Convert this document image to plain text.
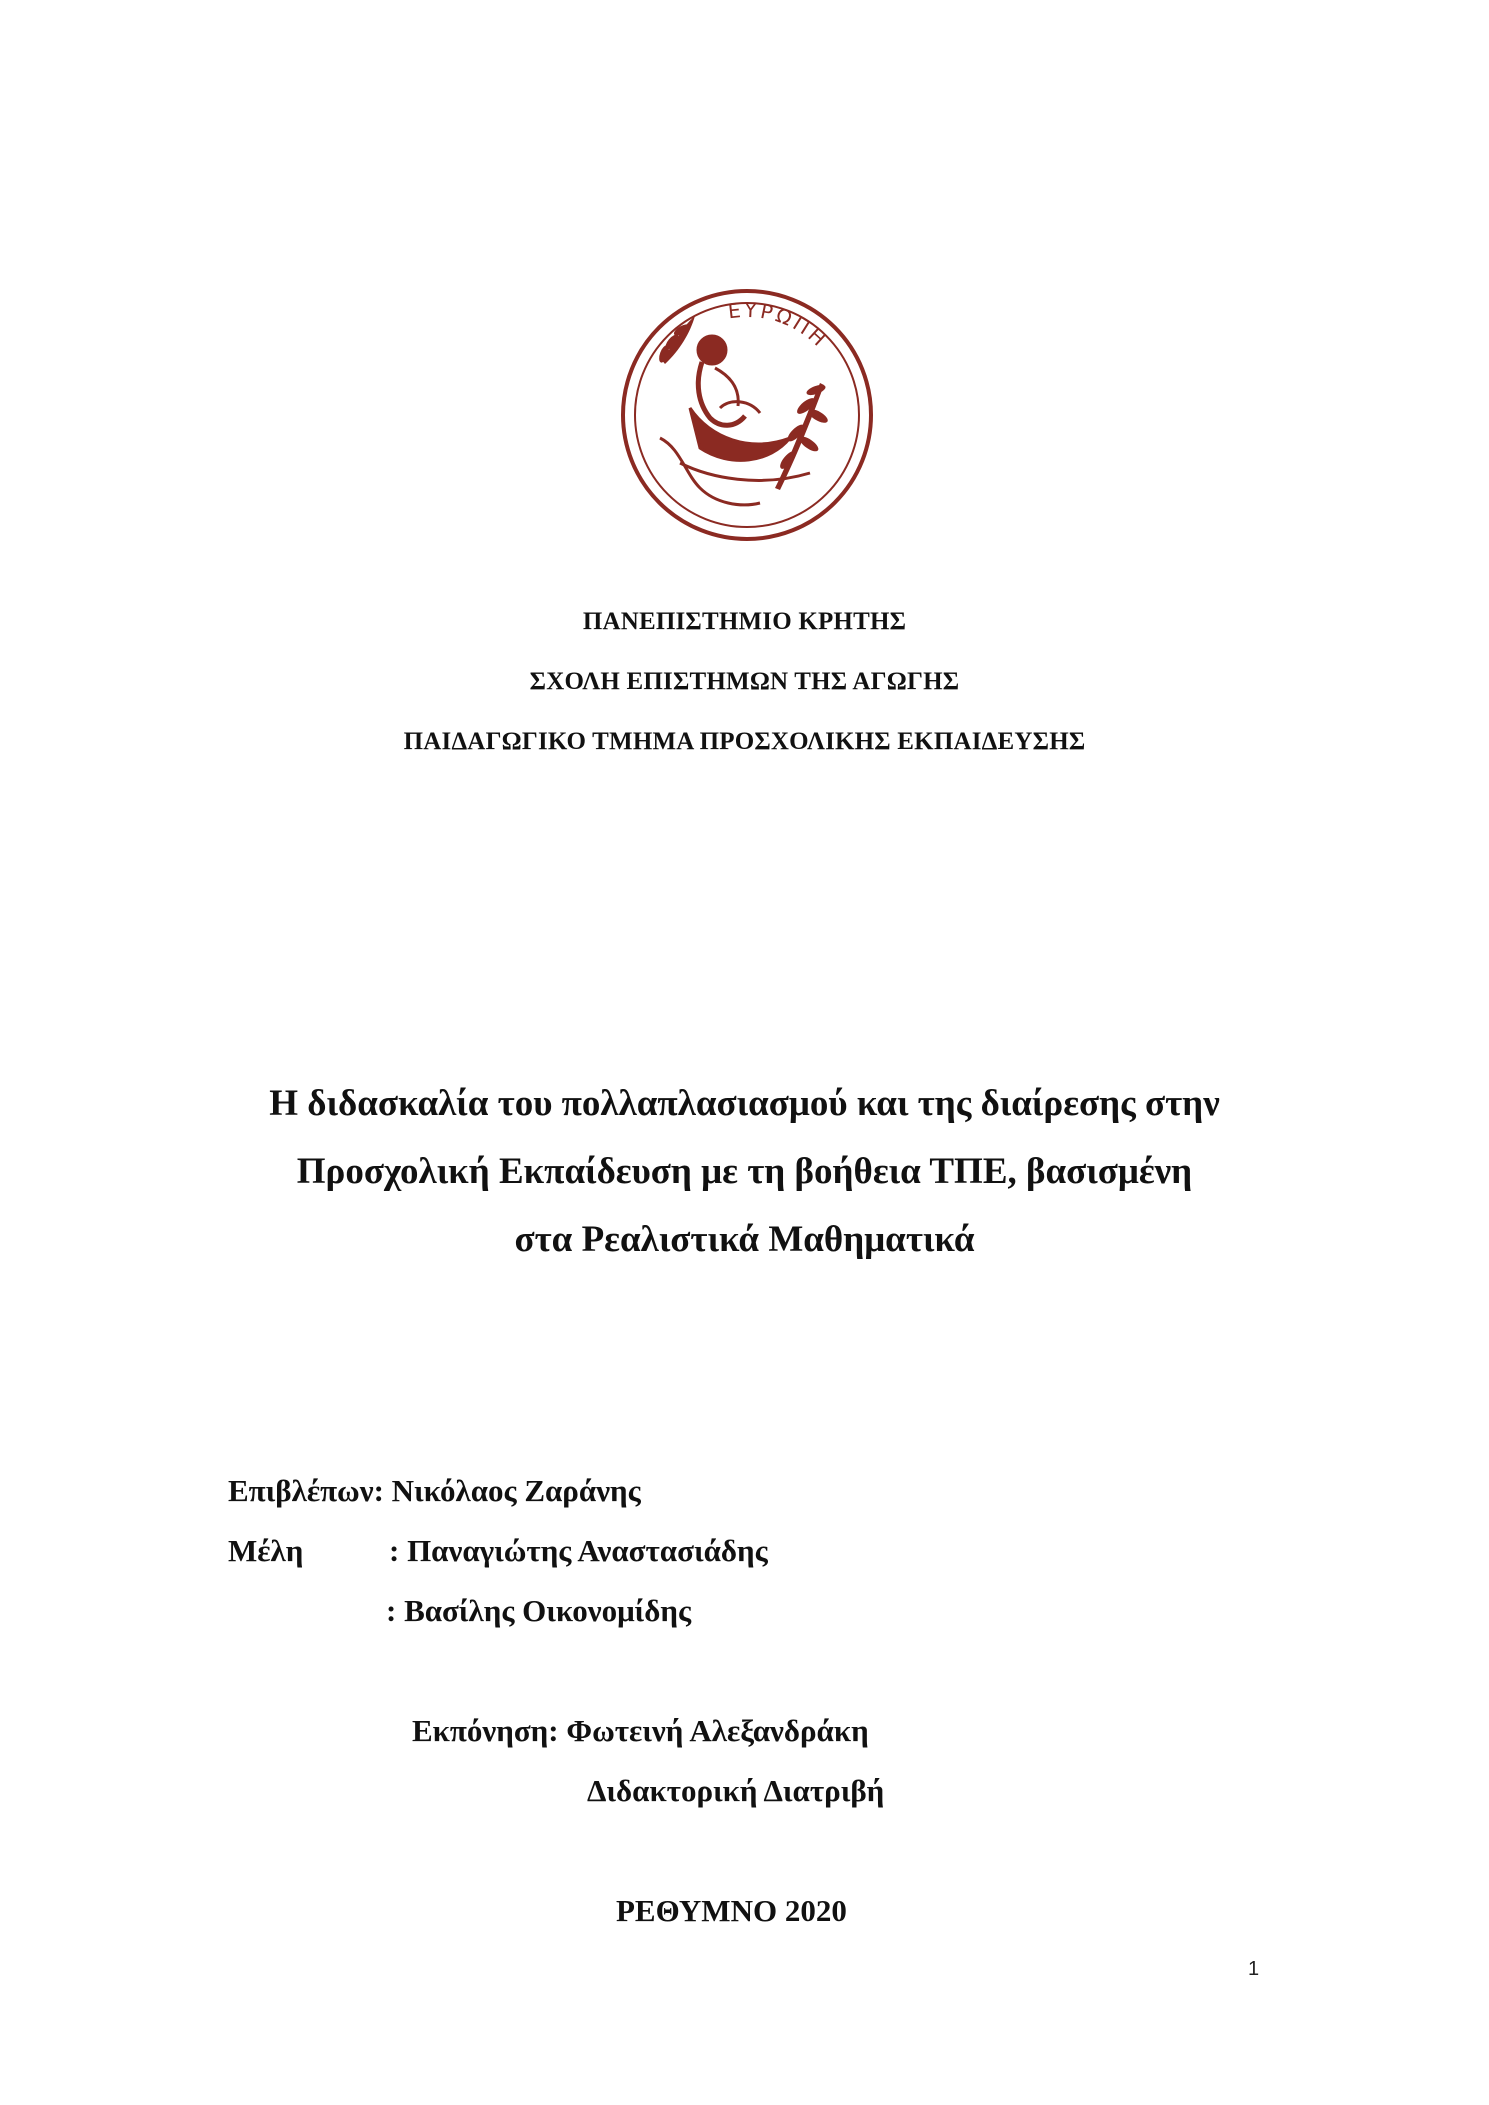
ΕΥΡΩΠΗ
ΠΑΝΕΠΙΣΤΗΜΙΟ ΚΡΗΤΗΣ
ΣΧΟΛΗ ΕΠΙΣΤΗΜΩΝ ΤΗΣ ΑΓΩΓΗΣ
ΠΑΙΔΑΓΩΓΙΚΟ ΤΜΗΜΑ ΠΡΟΣΧΟΛΙΚΗΣ ΕΚΠΑΙΔΕΥΣΗΣ
Η διδασκαλία του πολλαπλασιασμού και της διαίρεσης στην
Προσχολική Εκπαίδευση με τη βοήθεια ΤΠΕ, βασισμένη
στα Ρεαλιστικά Μαθηματικά
Επιβλέπων: Νικόλαος Ζαράνης
Μέλη	: Παναγιώτης Αναστασιάδης
: Βασίλης Οικονομίδης
Εκπόνηση: Φωτεινή Αλεξανδράκη
Διδακτορική Διατριβή
ΡΕΘΥΜΝΟ 2020
1
